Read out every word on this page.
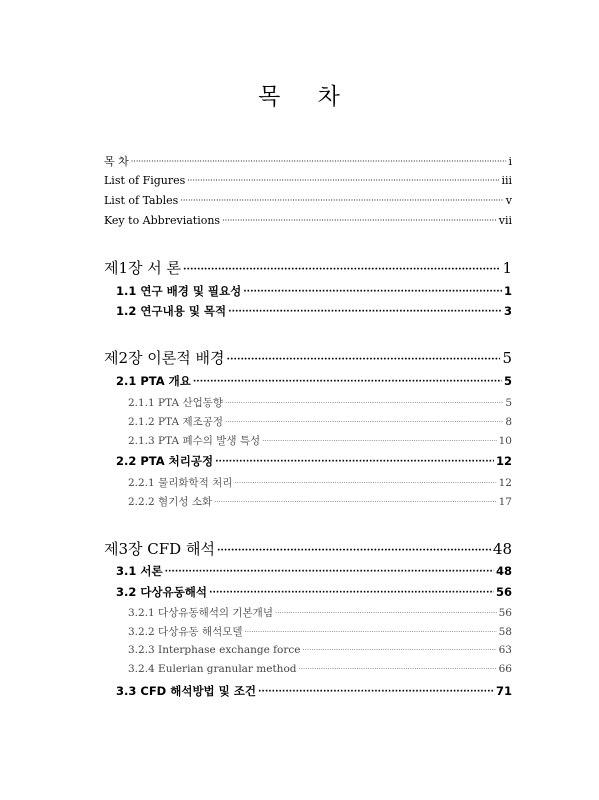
목 차
목 차 ·····	i
List of Figures ·····	iii
List of Tables ·····	v
Key to Abbreviations ·····	vii
제1장 서 론 ·····	1
1.1 연구 배경 및 필요성 ·····	1
1.2 연구내용 및 목적 ·····	3
제2장 이론적 배경 ·····	5
2.1 PTA 개요 ·····	5
2.1.1 PTA 산업동향 ·····	5
2.1.2 PTA 제조공정 ·····	8
2.1.3 PTA 폐수의 발생 특성 ·····	10
2.2 PTA 처리공정 ·····	12
2.2.1 물리화학적 처리 ·····	12
2.2.2 혐기성 소화 ·····	17
제3장 CFD 해석 ·····	48
3.1 서론 ·····	48
3.2 다상유동해석 ·····	56
3.2.1 다상유동해석의 기본개념 ·····	56
3.2.2 다상유동 해석모델 ·····	58
3.2.3 Interphase exchange force ·····	63
3.2.4 Eulerian granular method ·····	66
3.3 CFD 해석방법 및 조건 ·····	71
